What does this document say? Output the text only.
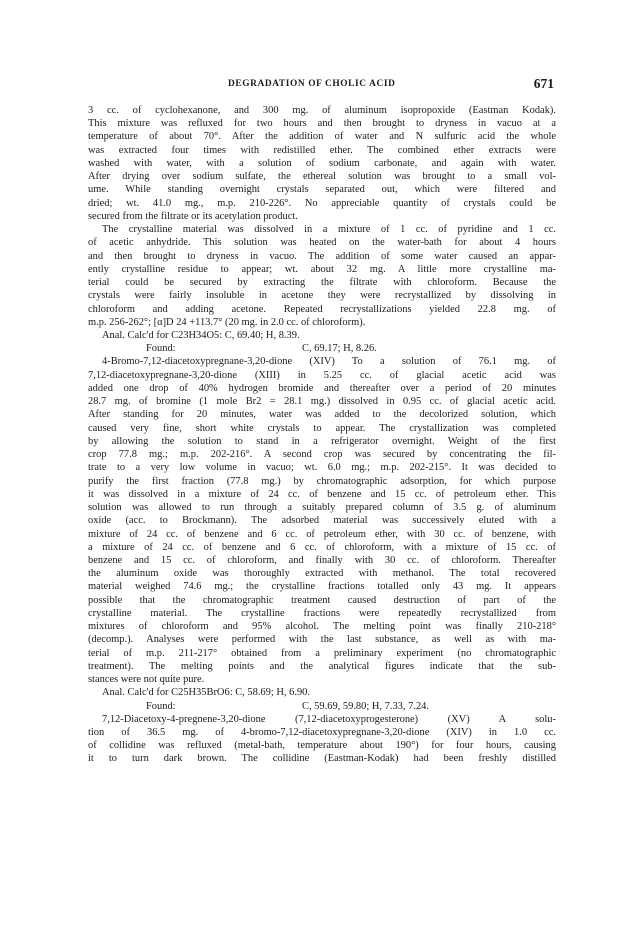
DEGRADATION OF CHOLIC ACID	671
3 cc. of cyclohexanone, and 300 mg. of aluminum isopropoxide (Eastman Kodak).
This mixture was refluxed for two hours and then brought to dryness in vacuo at a
temperature of about 70°. After the addition of water and N sulfuric acid the whole
was extracted four times with redistilled ether. The combined ether extracts were
washed with water, with a solution of sodium carbonate, and again with water.
After drying over sodium sulfate, the ethereal solution was brought to a small vol-
ume. While standing overnight crystals separated out, which were filtered and
dried; wt. 41.0 mg., m.p. 210-226°. No appreciable quantity of crystals could be
secured from the filtrate or its acetylation product.
The crystalline material was dissolved in a mixture of 1 cc. of pyridine and 1 cc.
of acetic anhydride. This solution was heated on the water-bath for about 4 hours
and then brought to dryness in vacuo. The addition of some water caused an appar-
ently crystalline residue to appear; wt. about 32 mg. A little more crystalline ma-
terial could be secured by extracting the filtrate with chloroform. Because the
crystals were fairly insoluble in acetone they were recrystallized by dissolving in
chloroform and adding acetone. Repeated recrystallizations yielded 22.8 mg. of
m.p. 256-262°; [α]D 24 +113.7° (20 mg. in 2.0 cc. of chloroform).
Anal. Calc'd for C23H34O5: C, 69.40; H, 8.39.
Found:	C, 69.17; H, 8.26.
4-Bromo-7,12-diacetoxypregnane-3,20-dione (XIV) To a solution of 76.1 mg. of
7,12-diacetoxypregnane-3,20-dione (XIII) in 5.25 cc. of glacial acetic acid was
added one drop of 40% hydrogen bromide and thereafter over a period of 20 minutes
28.7 mg. of bromine (1 mole Br2 = 28.1 mg.) dissolved in 0.95 cc. of glacial acetic acid.
After standing for 20 minutes, water was added to the decolorized solution, which
caused very fine, short white crystals to appear. The crystallization was completed
by allowing the solution to stand in a refrigerator overnight. Weight of the first
crop 77.8 mg.; m.p. 202-216°. A second crop was secured by concentrating the fil-
trate to a very low volume in vacuo; wt. 6.0 mg.; m.p. 202-215°. It was decided to
purify the first fraction (77.8 mg.) by chromatographic adsorption, for which purpose
it was dissolved in a mixture of 24 cc. of benzene and 15 cc. of petroleum ether. This
solution was allowed to run through a suitably prepared column of 3.5 g. of aluminum
oxide (acc. to Brockmann). The adsorbed material was successively eluted with a
mixture of 24 cc. of benzene and 6 cc. of petroleum ether, with 30 cc. of benzene, with
a mixture of 24 cc. of benzene and 6 cc. of chloroform, with a mixture of 15 cc. of
benzene and 15 cc. of chloroform, and finally with 30 cc. of chloroform. Thereafter
the aluminum oxide was thoroughly extracted with methanol. The total recovered
material weighed 74.6 mg.; the crystalline fractions totalled only 43 mg. It appears
possible that the chromatographic treatment caused destruction of part of the
crystalline material. The crystalline fractions were repeatedly recrystallized from
mixtures of chloroform and 95% alcohol. The melting point was finally 210-218°
(decomp.). Analyses were performed with the last substance, as well as with ma-
terial of m.p. 211-217° obtained from a preliminary experiment (no chromatographic
treatment). The melting points and the analytical figures indicate that the sub-
stances were not quite pure.
Anal. Calc'd for C25H35BrO6: C, 58.69; H, 6.90.
Found:	C, 59.69, 59.80; H, 7.33, 7.24.
7,12-Diacetoxy-4-pregnene-3,20-dione (7,12-diacetoxyprogesterone) (XV) A solu-
tion of 36.5 mg. of 4-bromo-7,12-diacetoxypregnane-3,20-dione (XIV) in 1.0 cc.
of collidine was refluxed (metal-bath, temperature about 190°) for four hours, causing
it to turn dark brown. The collidine (Eastman-Kodak) had been freshly distilled
